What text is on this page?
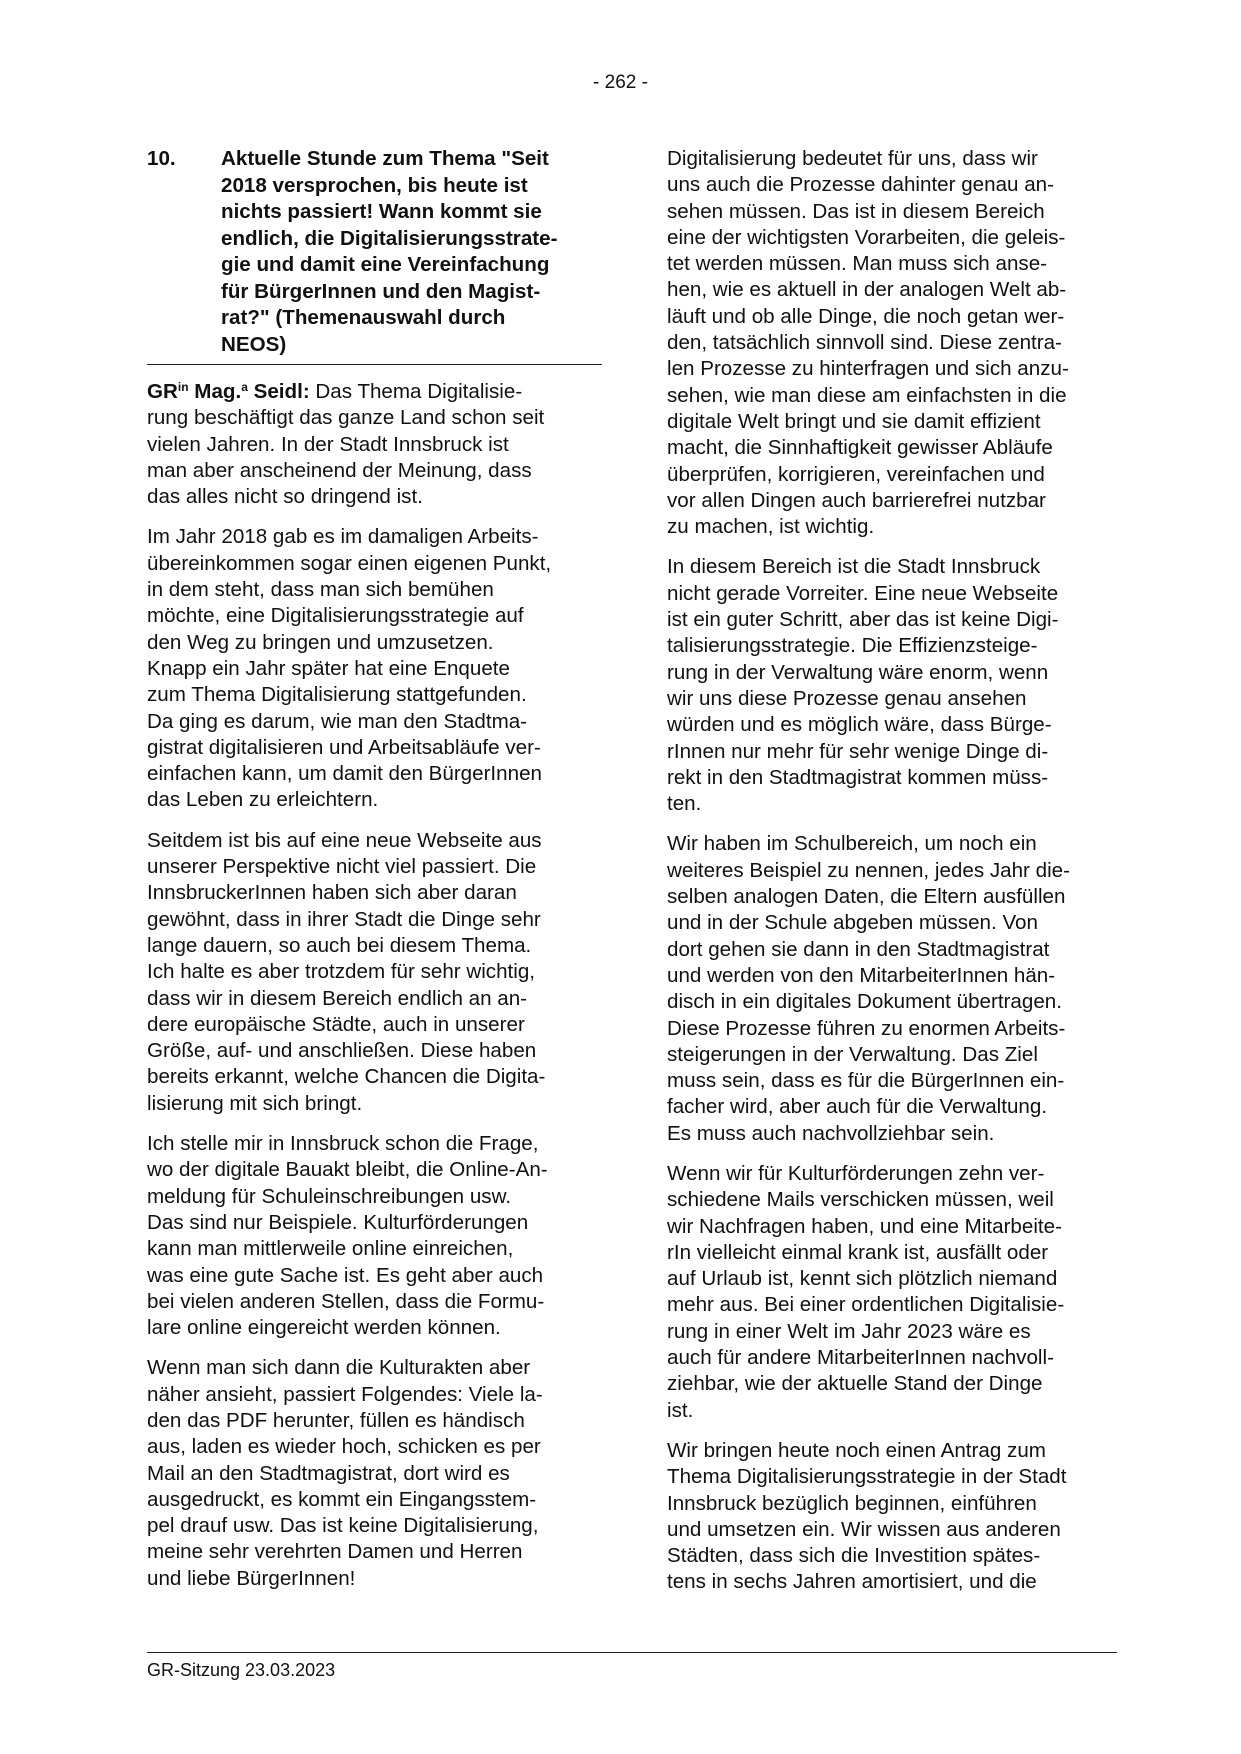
- 262 -
10.	Aktuelle Stunde zum Thema "Seit
2018 versprochen, bis heute ist
nichts passiert! Wann kommt sie
endlich, die Digitalisierungsstrate-
gie und damit eine Vereinfachung
für BürgerInnen und den Magist-
rat?" (Themenauswahl durch
NEOS)

$GR^{in}$ Mag.$^a$ Seidl: Das Thema Digitalisie-
rung beschäftigt das ganze Land schon seit
vielen Jahren. In der Stadt Innsbruck ist
man aber anscheinend der Meinung, dass
das alles nicht so dringend ist.

Im Jahr 2018 gab es im damaligen Arbeits-
übereinkommen sogar einen eigenen Punkt,
in dem steht, dass man sich bemühen
möchte, eine Digitalisierungsstrategie auf
den Weg zu bringen und umzusetzen.
Knapp ein Jahr später hat eine Enquete
zum Thema Digitalisierung stattgefunden.
Da ging es darum, wie man den Stadtma-
gistrat digitalisieren und Arbeitsabläufe ver-
einfachen kann, um damit den BürgerInnen
das Leben zu erleichtern.

Seitdem ist bis auf eine neue Webseite aus
unserer Perspektive nicht viel passiert. Die
InnsbruckerInnen haben sich aber daran
gewöhnt, dass in ihrer Stadt die Dinge sehr
lange dauern, so auch bei diesem Thema.
Ich halte es aber trotzdem für sehr wichtig,
dass wir in diesem Bereich endlich an an-
dere europäische Städte, auch in unserer
Größe, auf- und anschließen. Diese haben
bereits erkannt, welche Chancen die Digita-
lisierung mit sich bringt.

Ich stelle mir in Innsbruck schon die Frage,
wo der digitale Bauakt bleibt, die Online-An-
meldung für Schuleinschreibungen usw.
Das sind nur Beispiele. Kulturförderungen
kann man mittlerweile online einreichen,
was eine gute Sache ist. Es geht aber auch
bei vielen anderen Stellen, dass die Formu-
lare online eingereicht werden können.

Wenn man sich dann die Kulturakten aber
näher ansieht, passiert Folgendes: Viele la-
den das PDF herunter, füllen es händisch
aus, laden es wieder hoch, schicken es per
Mail an den Stadtmagistrat, dort wird es
ausgedruckt, es kommt ein Eingangsstem-
pel drauf usw. Das ist keine Digitalisierung,
meine sehr verehrten Damen und Herren
und liebe BürgerInnen!

Digitalisierung bedeutet für uns, dass wir
uns auch die Prozesse dahinter genau an-
sehen müssen. Das ist in diesem Bereich
eine der wichtigsten Vorarbeiten, die geleis-
tet werden müssen. Man muss sich anse-
hen, wie es aktuell in der analogen Welt ab-
läuft und ob alle Dinge, die noch getan wer-
den, tatsächlich sinnvoll sind. Diese zentra-
len Prozesse zu hinterfragen und sich anzu-
sehen, wie man diese am einfachsten in die
digitale Welt bringt und sie damit effizient
macht, die Sinnhaftigkeit gewisser Abläufe
überprüfen, korrigieren, vereinfachen und
vor allen Dingen auch barrierefrei nutzbar
zu machen, ist wichtig.

In diesem Bereich ist die Stadt Innsbruck
nicht gerade Vorreiter. Eine neue Webseite
ist ein guter Schritt, aber das ist keine Digi-
talisierungsstrategie. Die Effizienzsteige-
rung in der Verwaltung wäre enorm, wenn
wir uns diese Prozesse genau ansehen
würden und es möglich wäre, dass Bürge-
rInnen nur mehr für sehr wenige Dinge di-
rekt in den Stadtmagistrat kommen müss-
ten.

Wir haben im Schulbereich, um noch ein
weiteres Beispiel zu nennen, jedes Jahr die-
selben analogen Daten, die Eltern ausfüllen
und in der Schule abgeben müssen. Von
dort gehen sie dann in den Stadtmagistrat
und werden von den MitarbeiterInnen hän-
disch in ein digitales Dokument übertragen.
Diese Prozesse führen zu enormen Arbeits-
steigerungen in der Verwaltung. Das Ziel
muss sein, dass es für die BürgerInnen ein-
facher wird, aber auch für die Verwaltung.
Es muss auch nachvollziehbar sein.

Wenn wir für Kulturförderungen zehn ver-
schiedene Mails verschicken müssen, weil
wir Nachfragen haben, und eine Mitarbeite-
rIn vielleicht einmal krank ist, ausfällt oder
auf Urlaub ist, kennt sich plötzlich niemand
mehr aus. Bei einer ordentlichen Digitalisie-
rung in einer Welt im Jahr 2023 wäre es
auch für andere MitarbeiterInnen nachvoll-
ziehbar, wie der aktuelle Stand der Dinge
ist.

Wir bringen heute noch einen Antrag zum
Thema Digitalisierungsstrategie in der Stadt
Innsbruck bezüglich beginnen, einführen
und umsetzen ein. Wir wissen aus anderen
Städten, dass sich die Investition spätes-
tens in sechs Jahren amortisiert, und die

GR-Sitzung 23.03.2023
